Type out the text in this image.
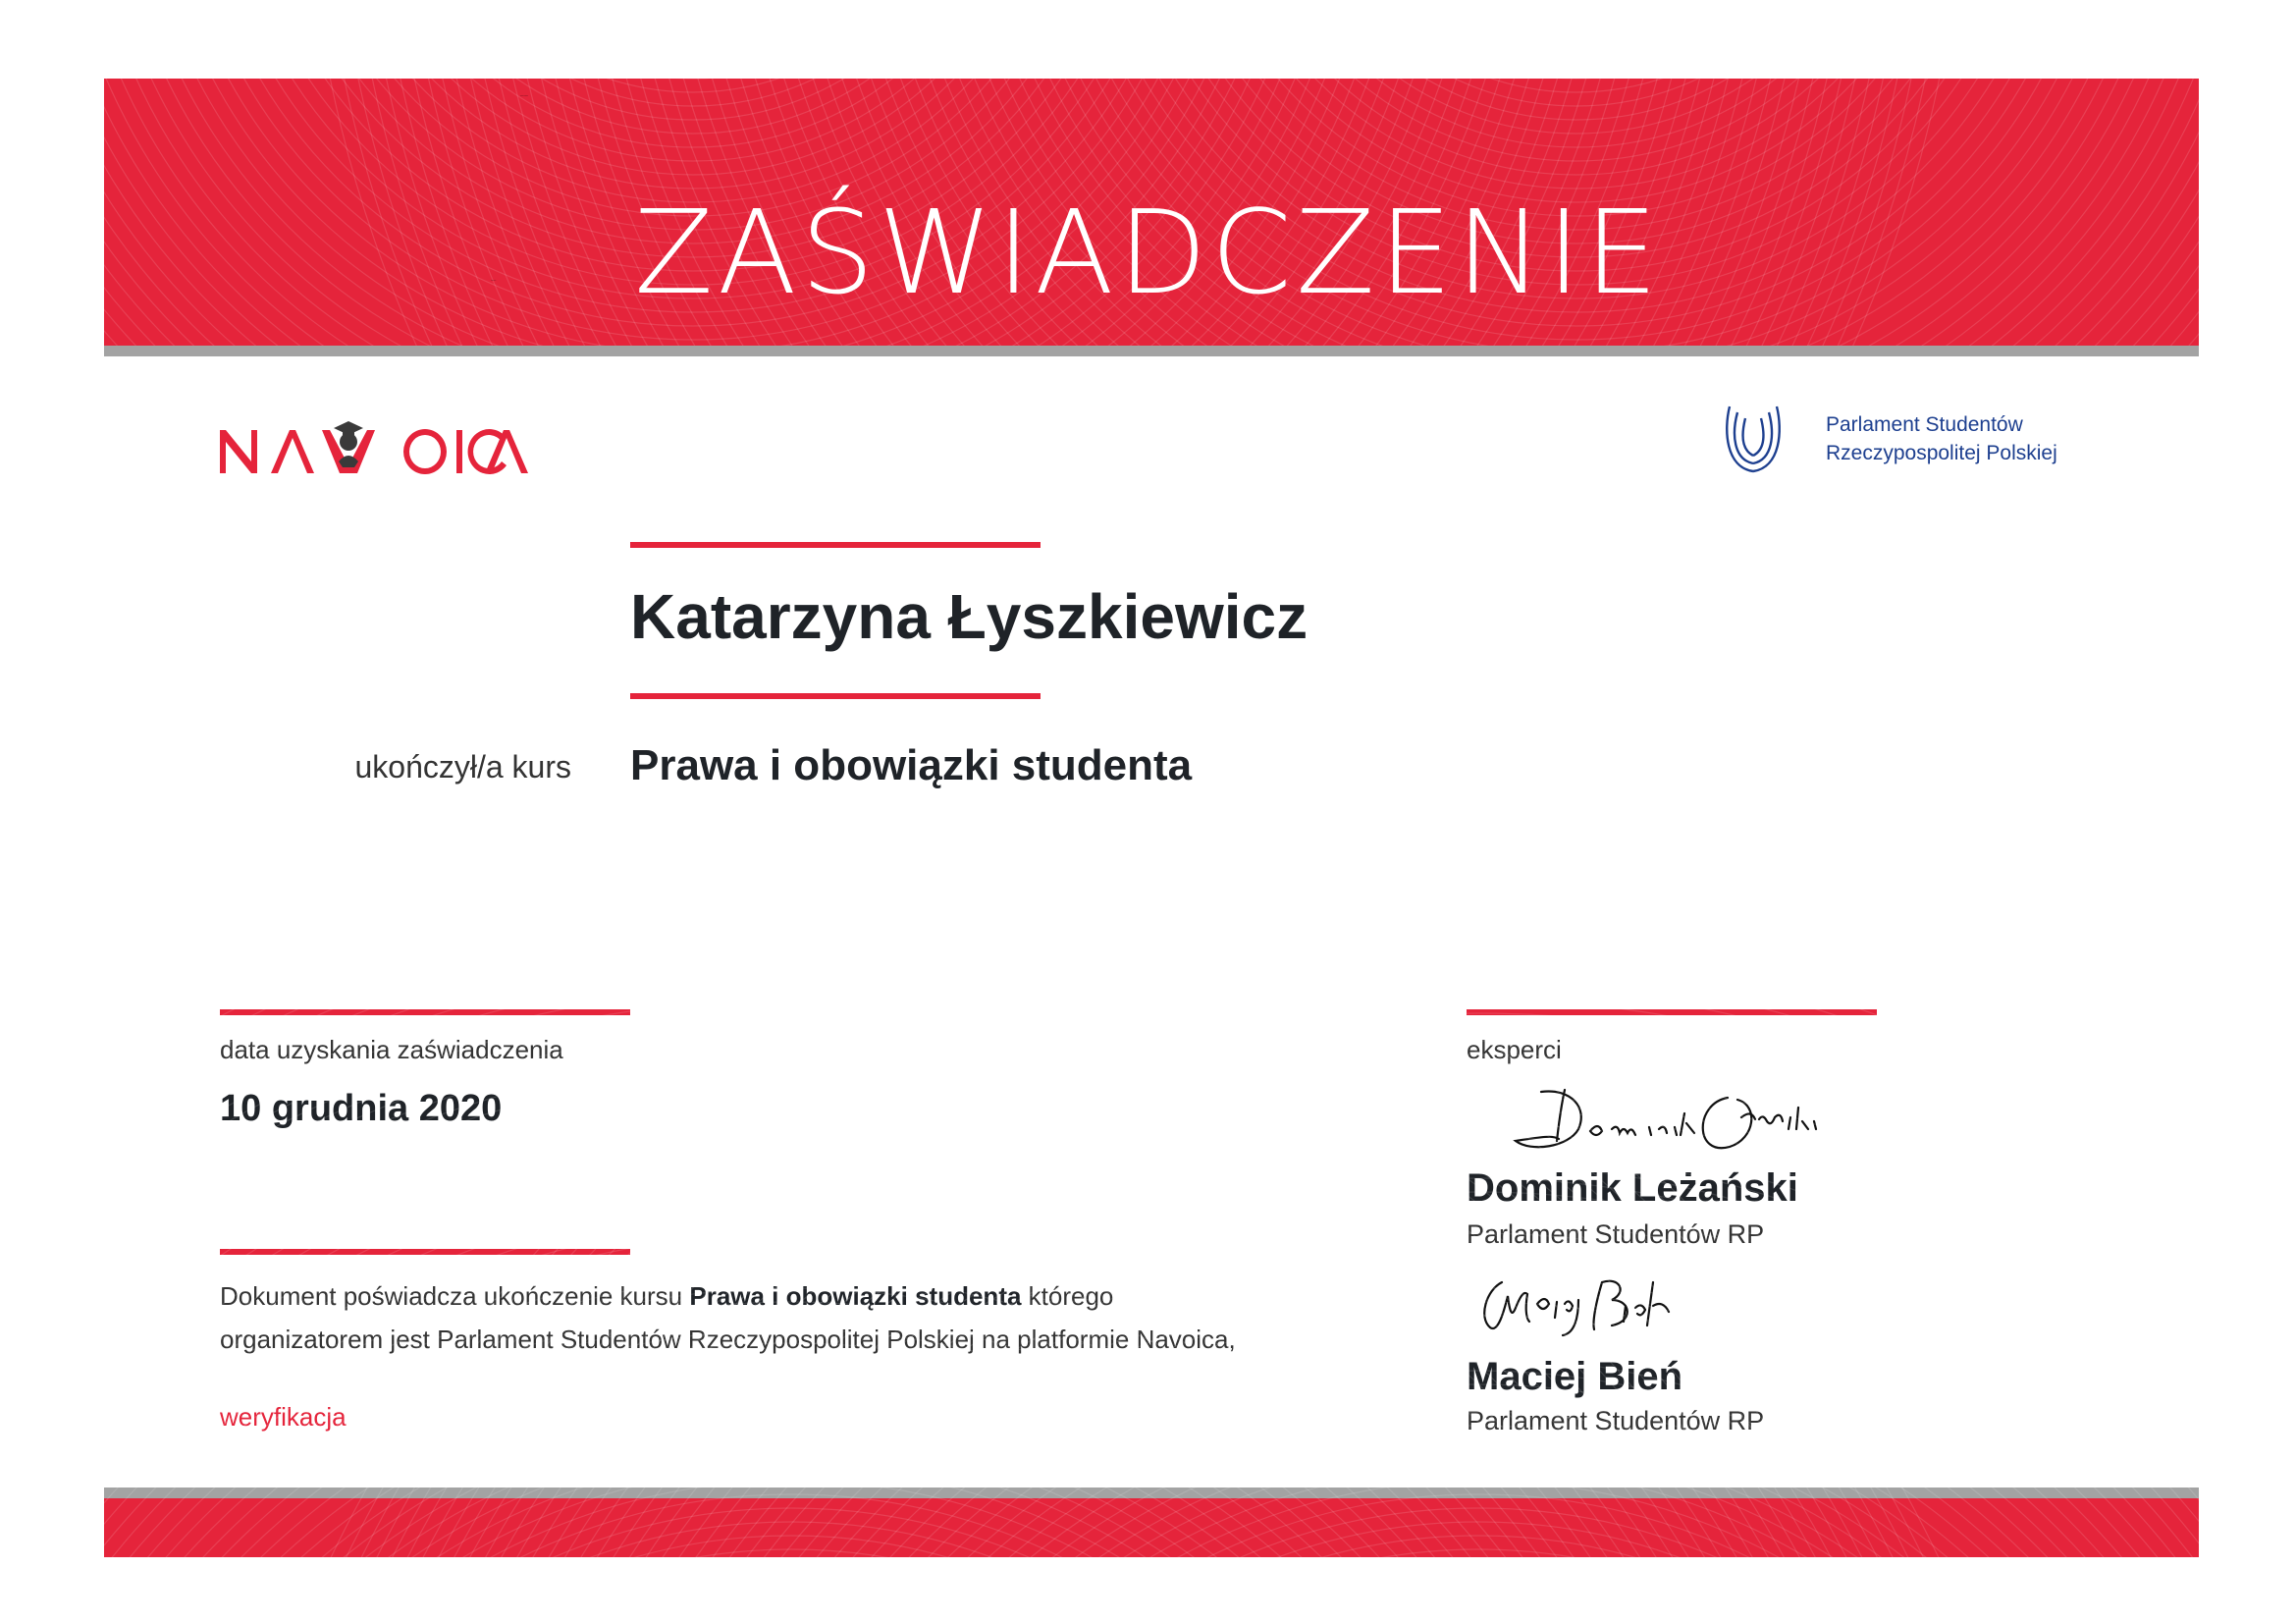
ZAŚWIADCZENIE
Parlament Studentów
Rzeczypospolitej Polskiej
Katarzyna Łyszkiewicz
ukończył/a kurs Prawa i obowiązki studenta
data uzyskania zaświadczenia
10 grudnia 2020
Dokument poświadcza ukończenie kursu Prawa i obowiązki studenta którego organizatorem jest Parlament Studentów Rzeczypospolitej Polskiej na platformie Navoica,
weryfikacja
eksperci
Dominik Leżański
Dominik Leżański
Parlament Studentów RP
Maciej Bień
Maciej Bień
Parlament Studentów RP
